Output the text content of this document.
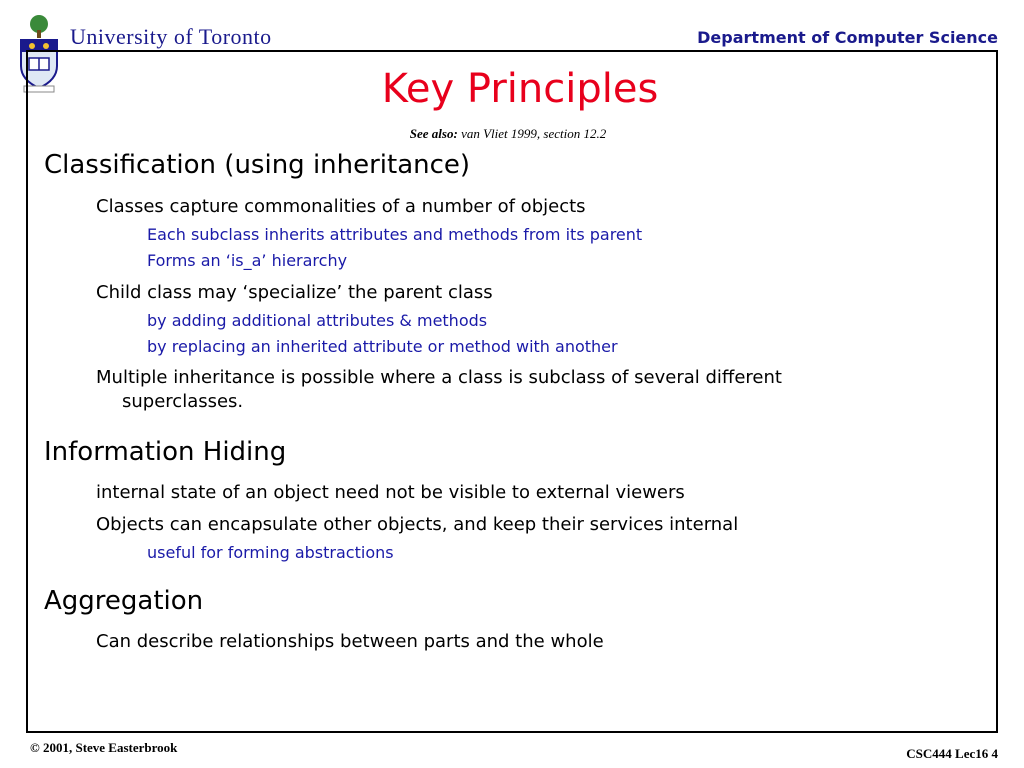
University of Toronto	Department of Computer Science
Key Principles
See also: van Vliet 1999, section 12.2
Classification (using inheritance)
Classes capture commonalities of a number of objects
Each subclass inherits attributes and methods from its parent
Forms an ‘is_a’ hierarchy
Child class may ‘specialize’ the parent class
by adding additional attributes & methods
by replacing an inherited attribute or method with another
Multiple inheritance is possible where a class is subclass of several different
superclasses.
Information Hiding
internal state of an object need not be visible to external viewers
Objects can encapsulate other objects, and keep their services internal
useful for forming abstractions
Aggregation
Can describe relationships between parts and the whole
© 2001, Steve Easterbrook	CSC444 Lec16 4
